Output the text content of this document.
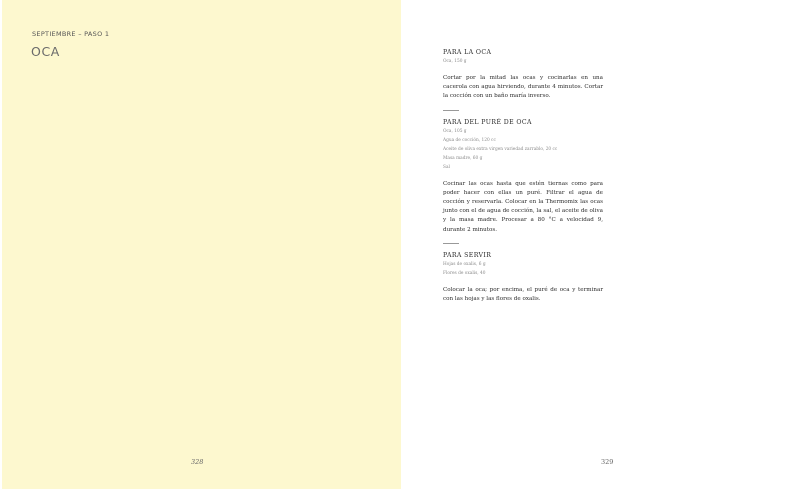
SEPTIEMBRE – PASO 1
OCA
328

PARA LA OCA

Oca, 150 g

Cortar por la mitad las ocas y cocinarlas en una cacerola con agua hirviendo, durante 4 minutos. Cortar la cocción con un baño maría inverso.

PARA DEL PURÉ DE OCA

Oca, 105 g

Agua de cocción, 120 cc

Aceite de oliva extra virgen variedad zarrablo, 20 cc

Masa madre, 60 g

Sal

Cocinar las ocas hasta que estén tiernas como para poder hacer con ellas un puré. Filtrar el agua de cocción y reservarla. Colocar en la Thermomix las ocas junto con el de agua de cocción, la sal, el aceite de oliva y la masa madre. Procesar a 80 °C a velocidad 9, durante 2 minutos.

PARA SERVIR

Hojas de oxalis, 6 g

Flores de oxalis, 40

Colocar la oca; por encima, el puré de oca y terminar con las hojas y las flores de oxalis.

329
